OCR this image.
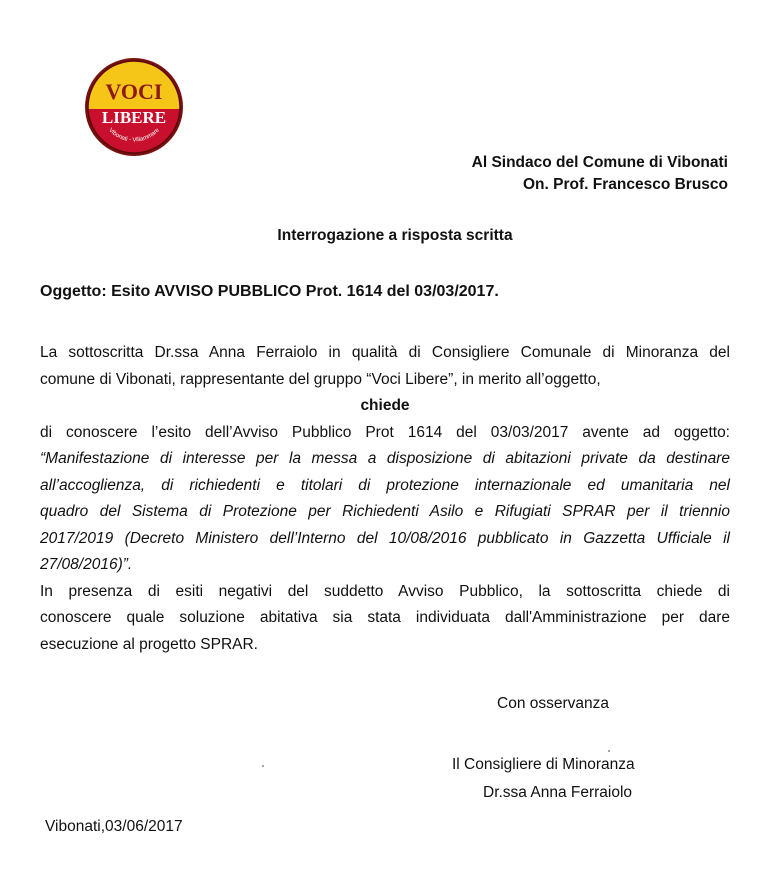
VOCI
LIBERE
Vibonati - Villammare
Al Sindaco del Comune di Vibonati
On. Prof. Francesco Brusco
Interrogazione a risposta scritta
Oggetto: Esito AVVISO PUBBLICO Prot. 1614 del 03/03/2017.
La sottoscritta Dr.ssa Anna Ferraiolo in qualità di Consigliere Comunale di Minoranza del
comune di Vibonati, rappresentante del gruppo “Voci Libere”, in merito all’oggetto,
chiede
di conoscere l’esito dell’Avviso Pubblico Prot 1614 del 03/03/2017 avente ad oggetto:
“Manifestazione di interesse per la messa a disposizione di abitazioni private da destinare
all’accoglienza, di richiedenti e titolari di protezione internazionale ed umanitaria nel
quadro del Sistema di Protezione per Richiedenti Asilo e Rifugiati SPRAR per il triennio
2017/2019 (Decreto Ministero dell’Interno del 10/08/2016 pubblicato in Gazzetta Ufficiale il
27/08/2016)”.
In presenza di esiti negativi del suddetto Avviso Pubblico, la sottoscritta chiede di
conoscere quale soluzione abitativa sia stata individuata dall'Amministrazione per dare
esecuzione al progetto SPRAR.
Con osservanza
Il Consigliere di Minoranza
Dr.ssa Anna Ferraiolo
Vibonati,03/06/2017
